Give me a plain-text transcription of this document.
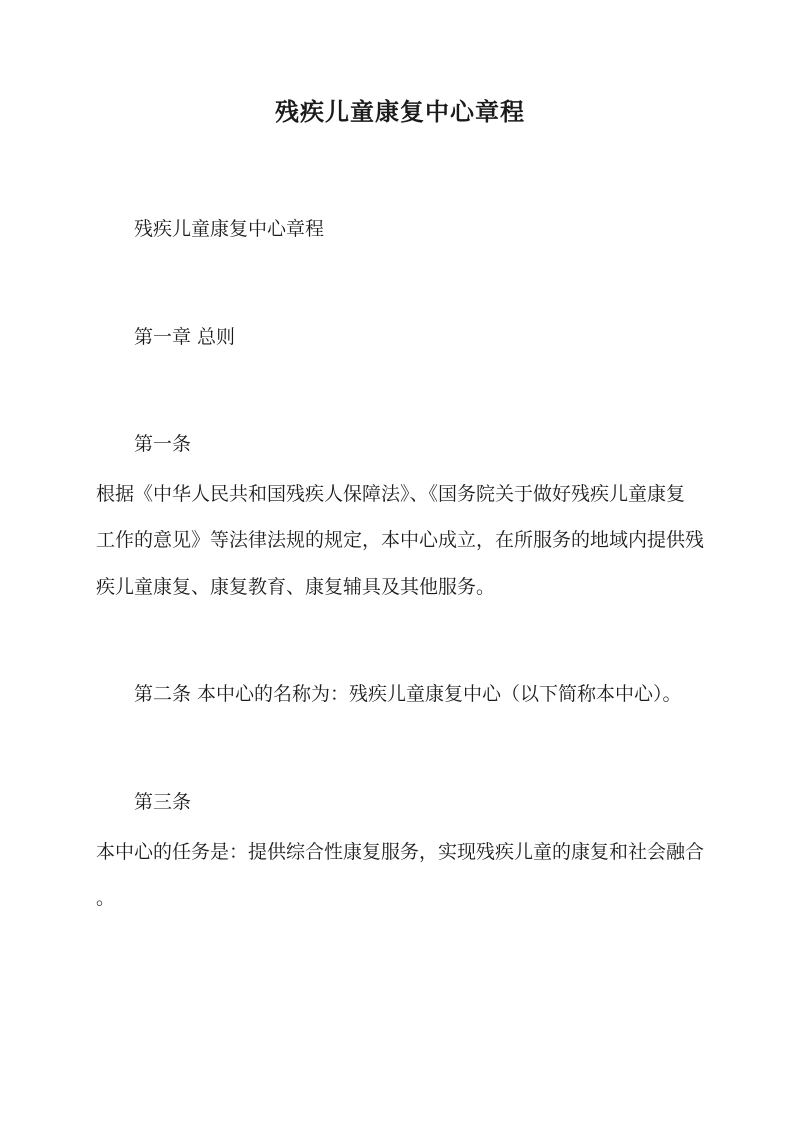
残疾儿童康复中心章程
残疾儿童康复中心章程
第一章 总则
第一条
根据《中华人民共和国残疾人保障法》、《国务院关于做好残疾儿童康复
工作的意见》等法律法规的规定，本中心成立，在所服务的地域内提供残
疾儿童康复、康复教育、康复辅具及其他服务。
第二条 本中心的名称为：残疾儿童康复中心（以下简称本中心）。
第三条
本中心的任务是：提供综合性康复服务，实现残疾儿童的康复和社会融合
。
